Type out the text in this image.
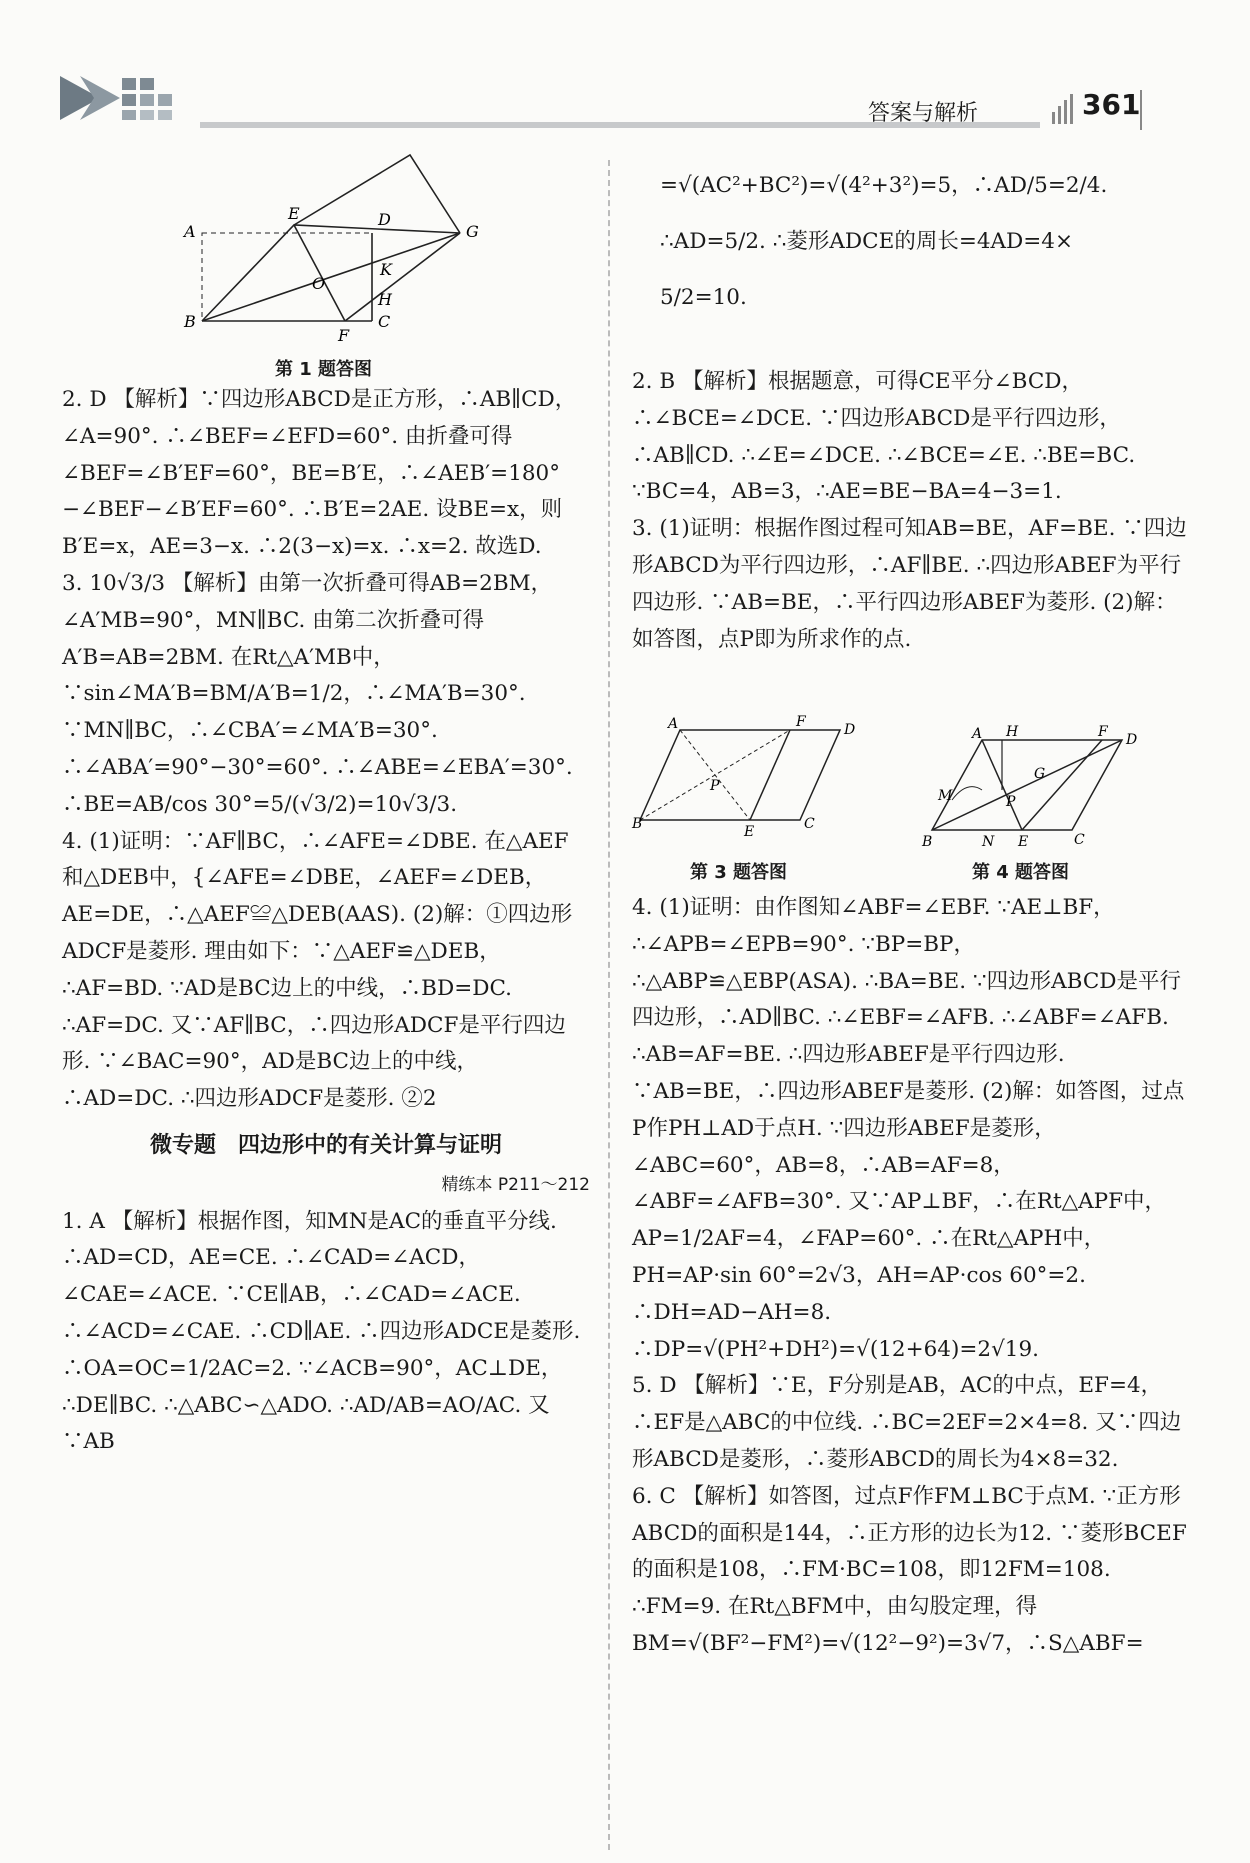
答案与解析	361
A
E	D
G
B
F
C
K
H
O
第 1 题答图

2. D 【解析】∵四边形ABCD是正方形，∴AB∥CD，∠A=90°. ∴∠BEF=∠EFD=60°. 由折叠可得∠BEF=∠B′EF=60°，BE=B′E，∴∠AEB′=180°−∠BEF−∠B′EF=60°. ∴B′E=2AE. 设BE=x，则B′E=x，AE=3−x. ∴2(3−x)=x. ∴x=2. 故选D.

3. 10√3/3 【解析】由第一次折叠可得AB=2BM，∠A′MB=90°，MN∥BC. 由第二次折叠可得A′B=AB=2BM. 在Rt△A′MB中，∵sin∠MA′B=BM/A′B=1/2，∴∠MA′B=30°. ∵MN∥BC，∴∠CBA′=∠MA′B=30°. ∴∠ABA′=90°−30°=60°. ∴∠ABE=∠EBA′=30°. ∴BE=AB/cos 30°=5/(√3/2)=10√3/3.

4. (1)证明：∵AF∥BC，∴∠AFE=∠DBE. 在△AEF和△DEB中，{∠AFE=∠DBE，∠AEF=∠DEB，AE=DE，∴△AEF≌△DEB(AAS). (2)解：①四边形ADCF是菱形. 理由如下：∵△AEF≌△DEB，∴AF=BD. ∵AD是BC边上的中线，∴BD=DC. ∴AF=DC. 又∵AF∥BC，∴四边形ADCF是平行四边形. ∵∠BAC=90°，AD是BC边上的中线，∴AD=DC. ∴四边形ADCF是菱形. ②2

微专题　四边形中的有关计算与证明

精练本 P211～212

1. A 【解析】根据作图，知MN是AC的垂直平分线. ∴AD=CD，AE=CE. ∴∠CAD=∠ACD，∠CAE=∠ACE. ∵CE∥AB，∴∠CAD=∠ACE. ∴∠ACD=∠CAE. ∴CD∥AE. ∴四边形ADCE是菱形. ∴OA=OC=1/2AC=2. ∵∠ACB=90°，AC⊥DE，∴DE∥BC. ∴△ABC∽△ADO. ∴AD/AB=AO/AC. 又∵AB

=√(AC²+BC²)=√(4²+3²)=5，∴AD/5=2/4.

∴AD=5/2. ∴菱形ADCE的周长=4AD=4×

5/2=10.

2. B 【解析】根据题意，可得CE平分∠BCD，∴∠BCE=∠DCE. ∵四边形ABCD是平行四边形，∴AB∥CD. ∴∠E=∠DCE. ∴∠BCE=∠E. ∴BE=BC. ∵BC=4，AB=3，∴AE=BE−BA=4−3=1.

3. (1)证明：根据作图过程可知AB=BE，AF=BE. ∵四边形ABCD为平行四边形，∴AF∥BE. ∴四边形ABEF为平行四边形. ∵AB=BE，∴平行四边形ABEF为菱形. (2)解：如答图，点P即为所求作的点.

A	F	D
B	E	C
P
A H	F D
B	N E	C
M	P
G
第 3 题答图	第 4 题答图

4. (1)证明：由作图知∠ABF=∠EBF. ∵AE⊥BF，∴∠APB=∠EPB=90°. ∵BP=BP，∴△ABP≌△EBP(ASA). ∴BA=BE. ∵四边形ABCD是平行四边形，∴AD∥BC. ∴∠EBF=∠AFB. ∴∠ABF=∠AFB. ∴AB=AF=BE. ∴四边形ABEF是平行四边形. ∵AB=BE，∴四边形ABEF是菱形. (2)解：如答图，过点P作PH⊥AD于点H. ∵四边形ABEF是菱形，∠ABC=60°，AB=8，∴AB=AF=8，∠ABF=∠AFB=30°. 又∵AP⊥BF，∴在Rt△APF中，AP=1/2AF=4，∠FAP=60°. ∴在Rt△APH中，PH=AP·sin 60°=2√3，AH=AP·cos 60°=2. ∴DH=AD−AH=8. ∴DP=√(PH²+DH²)=√(12+64)=2√19.

5. D 【解析】∵E，F分别是AB，AC的中点，EF=4，∴EF是△ABC的中位线. ∴BC=2EF=2×4=8. 又∵四边形ABCD是菱形，∴菱形ABCD的周长为4×8=32.

6. C 【解析】如答图，过点F作FM⊥BC于点M. ∵正方形ABCD的面积是144，∴正方形的边长为12. ∵菱形BCEF的面积是108，∴FM·BC=108，即12FM=108. ∴FM=9. 在Rt△BFM中，由勾股定理，得BM=√(BF²−FM²)=√(12²−9²)=3√7，∴S△ABF=
